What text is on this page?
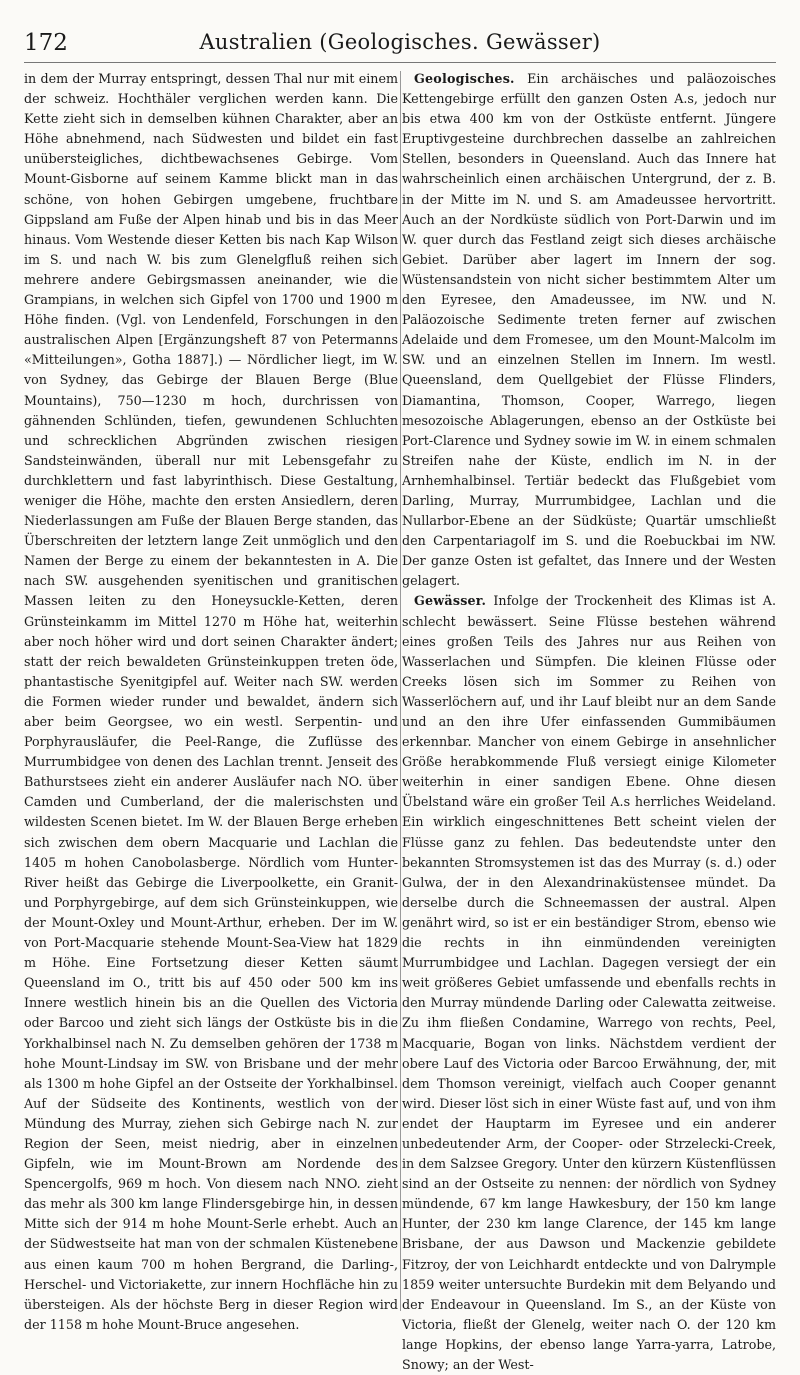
172	Australien (Geologisches. Gewässer)

in dem der Murray entspringt, dessen Thal nur mit einem der schweiz. Hochthäler verglichen werden kann. Die Kette zieht sich in demselben kühnen Charakter, aber an Höhe abnehmend, nach Südwesten und bildet ein fast unübersteigliches, dichtbewachsenes Gebirge. Vom Mount-Gisborne auf seinem Kamme blickt man in das schöne, von hohen Gebirgen umgebene, fruchtbare Gippsland am Fuße der Alpen hinab und bis in das Meer hinaus. Vom Westende dieser Ketten bis nach Kap Wilson im S. und nach W. bis zum Glenelgfluß reihen sich mehrere andere Gebirgsmassen aneinander, wie die Grampians, in welchen sich Gipfel von 1700 und 1900 m Höhe finden. (Vgl. von Lendenfeld, Forschungen in den australischen Alpen [Ergänzungsheft 87 von Petermanns «Mitteilungen», Gotha 1887].) — Nördlicher liegt, im W. von Sydney, das Gebirge der Blauen Berge (Blue Mountains), 750—1230 m hoch, durchrissen von gähnenden Schlünden, tiefen, gewundenen Schluchten und schrecklichen Abgründen zwischen riesigen Sandsteinwänden, überall nur mit Lebensgefahr zu durchklettern und fast labyrinthisch. Diese Gestaltung, weniger die Höhe, machte den ersten Ansiedlern, deren Niederlassungen am Fuße der Blauen Berge standen, das Überschreiten der letztern lange Zeit unmöglich und den Namen der Berge zu einem der bekanntesten in A. Die nach SW. ausgehenden syenitischen und granitischen Massen leiten zu den Honeysuckle-Ketten, deren Grünsteinkamm im Mittel 1270 m Höhe hat, weiterhin aber noch höher wird und dort seinen Charakter ändert; statt der reich bewaldeten Grünsteinkuppen treten öde, phantastische Syenitgipfel auf. Weiter nach SW. werden die Formen wieder runder und bewaldet, ändern sich aber beim Georgsee, wo ein westl. Serpentin- und Porphyrausläufer, die Peel-Range, die Zuflüsse des Murrumbidgee von denen des Lachlan trennt. Jenseit des Bathurstsees zieht ein anderer Ausläufer nach NO. über Camden und Cumberland, der die malerischsten und wildesten Scenen bietet. Im W. der Blauen Berge erheben sich zwischen dem obern Macquarie und Lachlan die 1405 m hohen Canobolasberge. Nördlich vom Hunter-River heißt das Gebirge die Liverpoolkette, ein Granit- und Porphyrgebirge, auf dem sich Grünsteinkuppen, wie der Mount-Oxley und Mount-Arthur, erheben. Der im W. von Port-Macquarie stehende Mount-Sea-View hat 1829 m Höhe. Eine Fortsetzung dieser Ketten säumt Queensland im O., tritt bis auf 450 oder 500 km ins Innere westlich hinein bis an die Quellen des Victoria oder Barcoo und zieht sich längs der Ostküste bis in die Yorkhalbinsel nach N. Zu demselben gehören der 1738 m hohe Mount-Lindsay im SW. von Brisbane und der mehr als 1300 m hohe Gipfel an der Ostseite der Yorkhalbinsel. Auf der Südseite des Kontinents, westlich von der Mündung des Murray, ziehen sich Gebirge nach N. zur Region der Seen, meist niedrig, aber in einzelnen Gipfeln, wie im Mount-Brown am Nordende des Spencergolfs, 969 m hoch. Von diesem nach NNO. zieht das mehr als 300 km lange Flindersgebirge hin, in dessen Mitte sich der 914 m hohe Mount-Serle erhebt. Auch an der Südwestseite hat man von der schmalen Küstenebene aus einen kaum 700 m hohen Bergrand, die Darling-, Herschel- und Victoriakette, zur innern Hochfläche hin zu übersteigen. Als der höchste Berg in dieser Region wird der 1158 m hohe Mount-Bruce angesehen.

Geologisches. Ein archäisches und paläozoisches Kettengebirge erfüllt den ganzen Osten A.s, jedoch nur bis etwa 400 km von der Ostküste entfernt. Jüngere Eruptivgesteine durchbrechen dasselbe an zahlreichen Stellen, besonders in Queensland. Auch das Innere hat wahrscheinlich einen archäischen Untergrund, der z. B. in der Mitte im N. und S. am Amadeussee hervortritt. Auch an der Nordküste südlich von Port-Darwin und im W. quer durch das Festland zeigt sich dieses archäische Gebiet. Darüber aber lagert im Innern der sog. Wüstensandstein von nicht sicher bestimmtem Alter um den Eyresee, den Amadeussee, im NW. und N. Paläozoische Sedimente treten ferner auf zwischen Adelaide und dem Fromesee, um den Mount-Malcolm im SW. und an einzelnen Stellen im Innern. Im westl. Queensland, dem Quellgebiet der Flüsse Flinders, Diamantina, Thomson, Cooper, Warrego, liegen mesozoische Ablagerungen, ebenso an der Ostküste bei Port-Clarence und Sydney sowie im W. in einem schmalen Streifen nahe der Küste, endlich im N. in der Arnhemhalbinsel. Tertiär bedeckt das Flußgebiet vom Darling, Murray, Murrumbidgee, Lachlan und die Nullarbor-Ebene an der Südküste; Quartär umschließt den Carpentariagolf im S. und die Roebuckbai im NW. Der ganze Osten ist gefaltet, das Innere und der Westen gelagert.

Gewässer. Infolge der Trockenheit des Klimas ist A. schlecht bewässert. Seine Flüsse bestehen während eines großen Teils des Jahres nur aus Reihen von Wasserlachen und Sümpfen. Die kleinen Flüsse oder Creeks lösen sich im Sommer zu Reihen von Wasserlöchern auf, und ihr Lauf bleibt nur an dem Sande und an den ihre Ufer einfassenden Gummibäumen erkennbar. Mancher von einem Gebirge in ansehnlicher Größe herabkommende Fluß versiegt einige Kilometer weiterhin in einer sandigen Ebene. Ohne diesen Übelstand wäre ein großer Teil A.s herrliches Weideland. Ein wirklich eingeschnittenes Bett scheint vielen der Flüsse ganz zu fehlen. Das bedeutendste unter den bekannten Stromsystemen ist das des Murray (s. d.) oder Gulwa, der in den Alexandrinaküstensee mündet. Da derselbe durch die Schneemassen der austral. Alpen genährt wird, so ist er ein beständiger Strom, ebenso wie die rechts in ihn einmündenden vereinigten Murrumbidgee und Lachlan. Dagegen versiegt der ein weit größeres Gebiet umfassende und ebenfalls rechts in den Murray mündende Darling oder Calewatta zeitweise. Zu ihm fließen Condamine, Warrego von rechts, Peel, Macquarie, Bogan von links. Nächstdem verdient der obere Lauf des Victoria oder Barcoo Erwähnung, der, mit dem Thomson vereinigt, vielfach auch Cooper genannt wird. Dieser löst sich in einer Wüste fast auf, und von ihm endet der Hauptarm im Eyresee und ein anderer unbedeutender Arm, der Cooper- oder Strzelecki-Creek, in dem Salzsee Gregory. Unter den kürzern Küstenflüssen sind an der Ostseite zu nennen: der nördlich von Sydney mündende, 67 km lange Hawkesbury, der 150 km lange Hunter, der 230 km lange Clarence, der 145 km lange Brisbane, der aus Dawson und Mackenzie gebildete Fitzroy, der von Leichhardt entdeckte und von Dalrymple 1859 weiter untersuchte Burdekin mit dem Belyando und der Endeavour in Queensland. Im S., an der Küste von Victoria, fließt der Glenelg, weiter nach O. der 120 km lange Hopkins, der ebenso lange Yarra-yarra, Latrobe, Snowy; an der West-
